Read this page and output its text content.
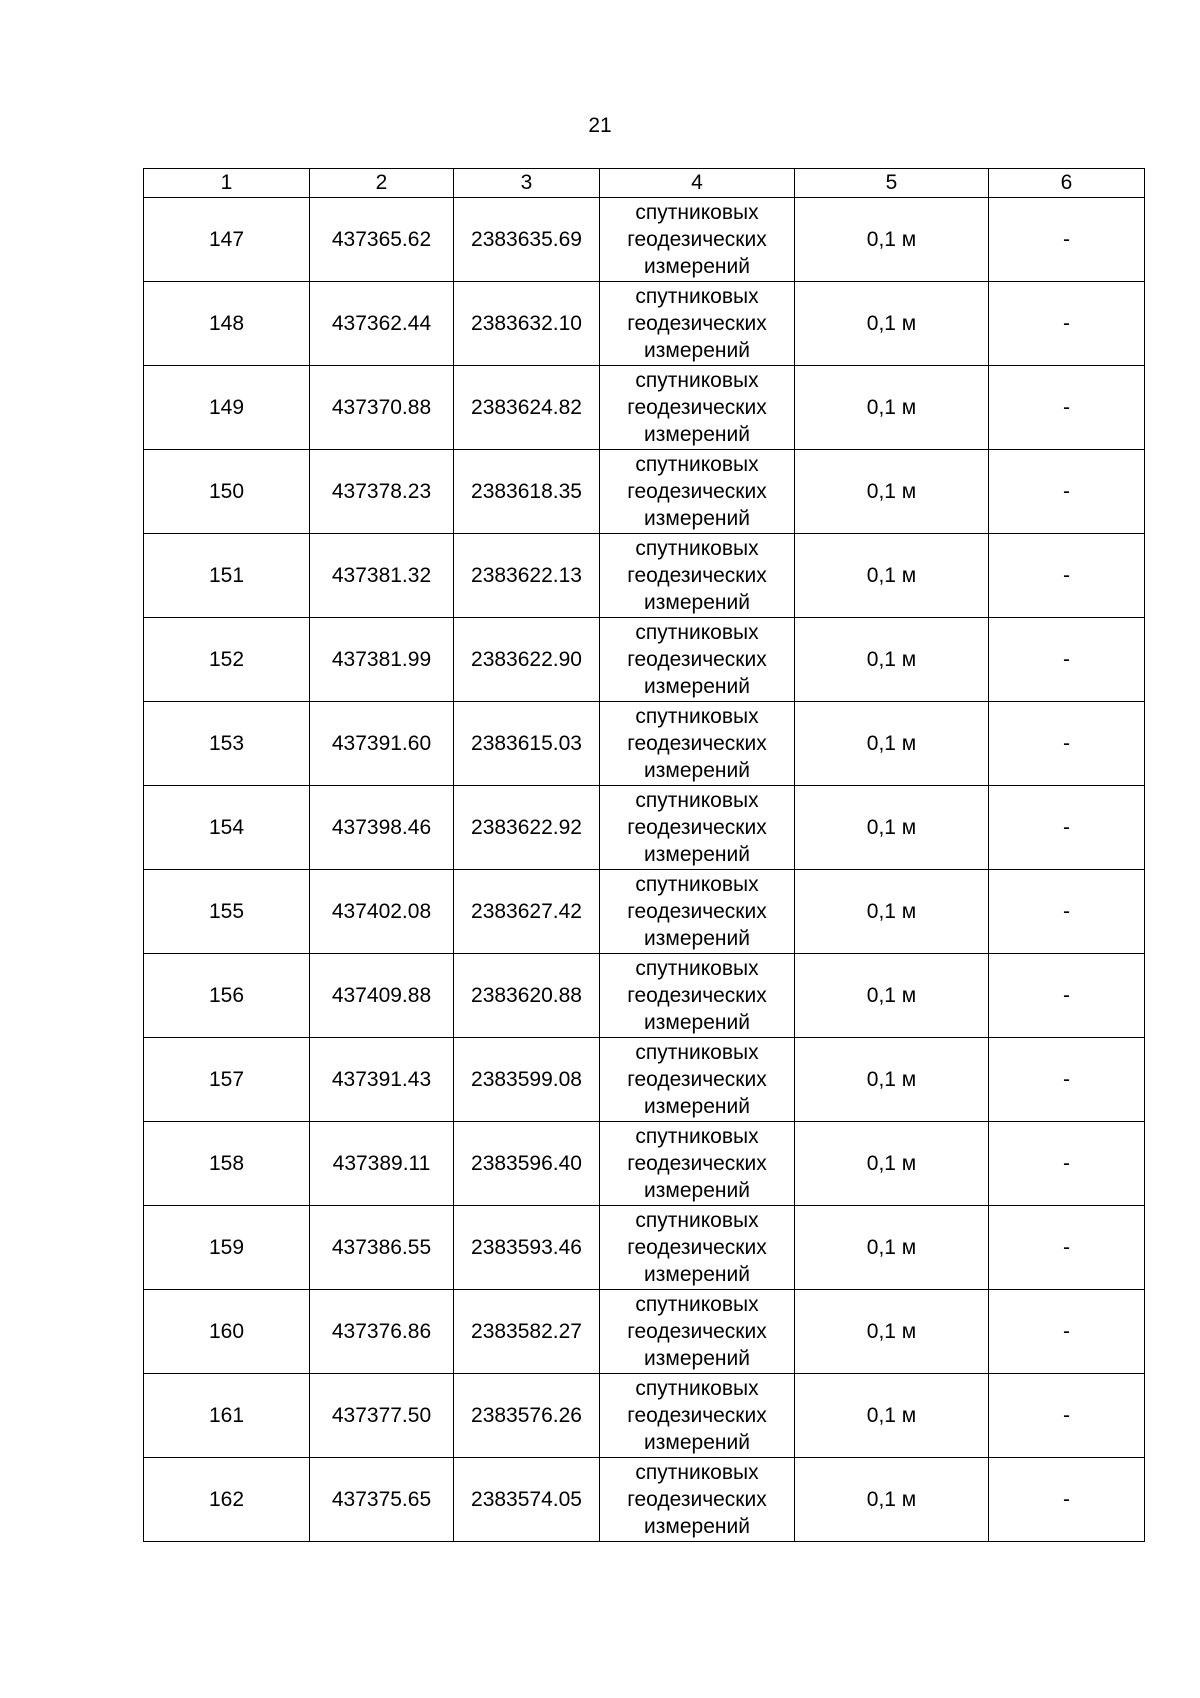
21
1	2	3	4	5	6
147	437365.62	2383635.69	спутниковых
геодезических
измерений	0,1 м	-
148	437362.44	2383632.10	спутниковых
геодезических
измерений	0,1 м	-
149	437370.88	2383624.82	спутниковых
геодезических
измерений	0,1 м	-
150	437378.23	2383618.35	спутниковых
геодезических
измерений	0,1 м	-
151	437381.32	2383622.13	спутниковых
геодезических
измерений	0,1 м	-
152	437381.99	2383622.90	спутниковых
геодезических
измерений	0,1 м	-
153	437391.60	2383615.03	спутниковых
геодезических
измерений	0,1 м	-
154	437398.46	2383622.92	спутниковых
геодезических
измерений	0,1 м	-
155	437402.08	2383627.42	спутниковых
геодезических
измерений	0,1 м	-
156	437409.88	2383620.88	спутниковых
геодезических
измерений	0,1 м	-
157	437391.43	2383599.08	спутниковых
геодезических
измерений	0,1 м	-
158	437389.11	2383596.40	спутниковых
геодезических
измерений	0,1 м	-
159	437386.55	2383593.46	спутниковых
геодезических
измерений	0,1 м	-
160	437376.86	2383582.27	спутниковых
геодезических
измерений	0,1 м	-
161	437377.50	2383576.26	спутниковых
геодезических
измерений	0,1 м	-
162	437375.65	2383574.05	спутниковых
геодезических
измерений	0,1 м	-
